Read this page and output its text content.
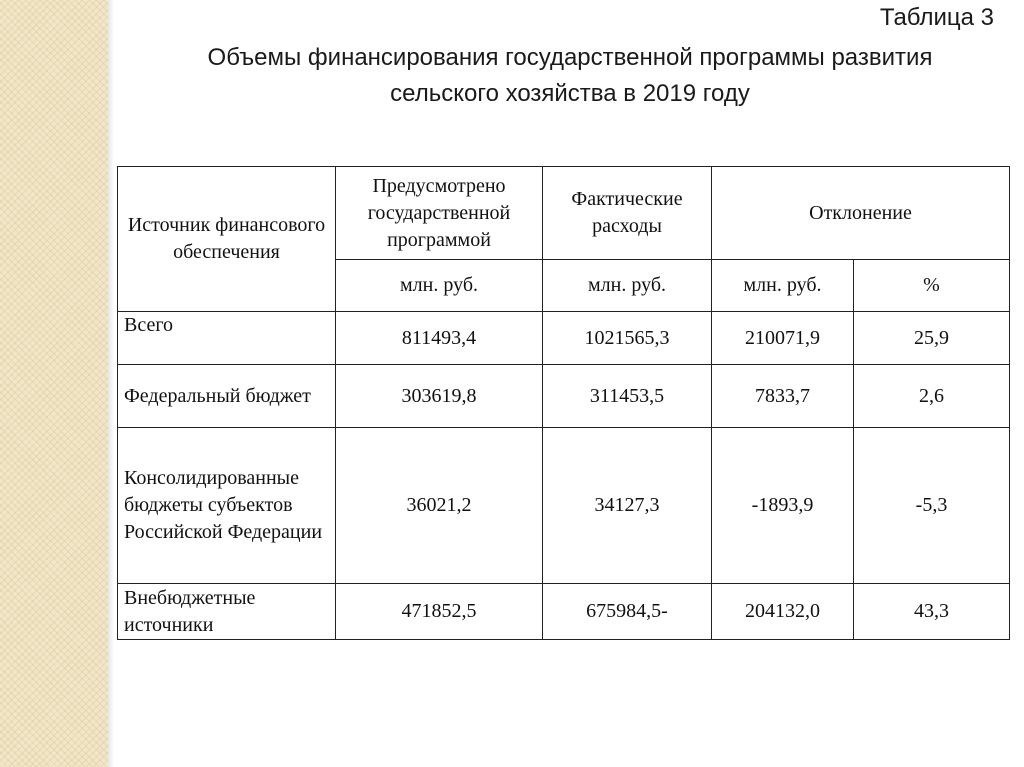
Таблица 3
Объемы финансирования государственной программы развития
сельского хозяйства в 2019 году
Источник финансового обеспечения	Предусмотрено государственной программой	Фактические расходы	Отклонение	
	млн. руб.	млн. руб.	млн. руб.	%
Всего	811493,4	1021565,3	210071,9	25,9
Федеральный бюджет	303619,8	311453,5	7833,7	2,6
Консолидированные бюджеты субъектов Российской Федерации	36021,2	34127,3	-1893,9	-5,3
Внебюджетные источники	471852,5	675984,5-	204132,0	43,3
